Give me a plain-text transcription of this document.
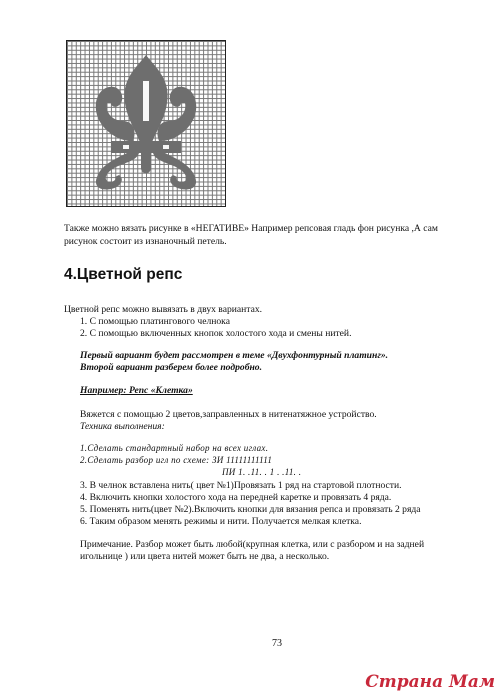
Также можно вязать рисунке в «НЕГАТИВЕ» Например репсовая гладь фон рисунка ,А сам
рисунок состоит из изнаночный петель.
4.Цветной репс
Цветной репс можно вывязать в двух вариантах.
1. С помощью платингового челнока
2. С помощью включенных кнопок холостого хода и смены нитей.
Первый вариант будет рассмотрен в теме «Двухфонтурный платинг».
Второй вариант разберем более подробно.
Например: Репс «Клетка»
Вяжется с помощью 2 цветов,заправленных в нитенатяжное устройство.
Техника выполнения:
1.Сделать стандартный набор на всех иглах.
2.Сделать разбор игл по схеме: ЗИ 11111111111
ПИ 1. .11. . 1 . .11. .
3. В челнок вставлена нить( цвет №1)Провязать 1 ряд на стартовой плотности.
4. Включить кнопки холостого хода на передней каретке и провязать 4 ряда.
5. Поменять нить(цвет №2).Включить кнопки для вязания репса и провязать 2 ряда
6. Таким образом менять режимы и нити. Получается мелкая клетка.
Примечание. Разбор может быть любой(крупная клетка, или с разбором и на задней
игольнице ) или цвета нитей может быть не два, а несколько.
73
Страна Мам
